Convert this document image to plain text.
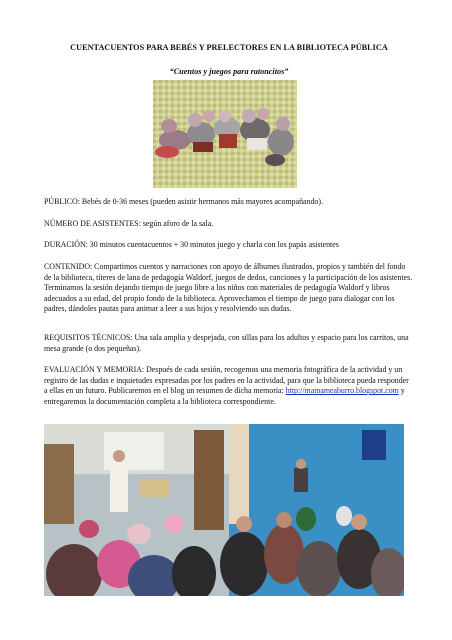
CUENTACUENTOS PARA BEBÉS Y PRELECTORES EN LA BIBLIOTECA PÚBLICA
“Cuentos y juegos para ratoncitos”
PÚBLICO: Bebés de 0-36 meses (pueden asistir hermanos más mayores acompañando).
NÚMERO DE ASISTENTES: según aforo de la sala.
DURACIÓN: 30 minutos cuentacuentos + 30 minutos juego y charla con los papás asistentes
CONTENIDO: Compartimos cuentos y narraciones con apoyo de álbumes ilustrados, propios y también del fondo de la biblioteca, títeres de lana de pedagogía Waldorf, juegos de dedos, canciones y la participación de los asistentes. Terminamos la sesión dejando tiempo de juego libre a los niños con materiales de pedagogía Waldorf y libros adecuados a su edad, del propio fondo de la biblioteca. Aprovechamos el tiempo de juego para dialogar con los padres, dándoles pautas para animar a leer a sus hijos y resolviendo sus dudas.
REQUISITOS TÉCNICOS: Una sala amplia y despejada, con sillas para los adultos y espacio para los carritos, una mesa grande (o dos pequeñas).
EVALUACIÓN Y MEMORIA: Después de cada sesión, recogemos una memoria fotográfica de la actividad y un registro de las dudas e inquietudes expresadas por los padres en la actividad, para que la biblioteca pueda responder a ellas en un futuro. Publicaremos en el blog un resumen de dicha memoria: http://mamameaburro.blogspot.com y entregaremos la documentación completa a la biblioteca correspondiente.
